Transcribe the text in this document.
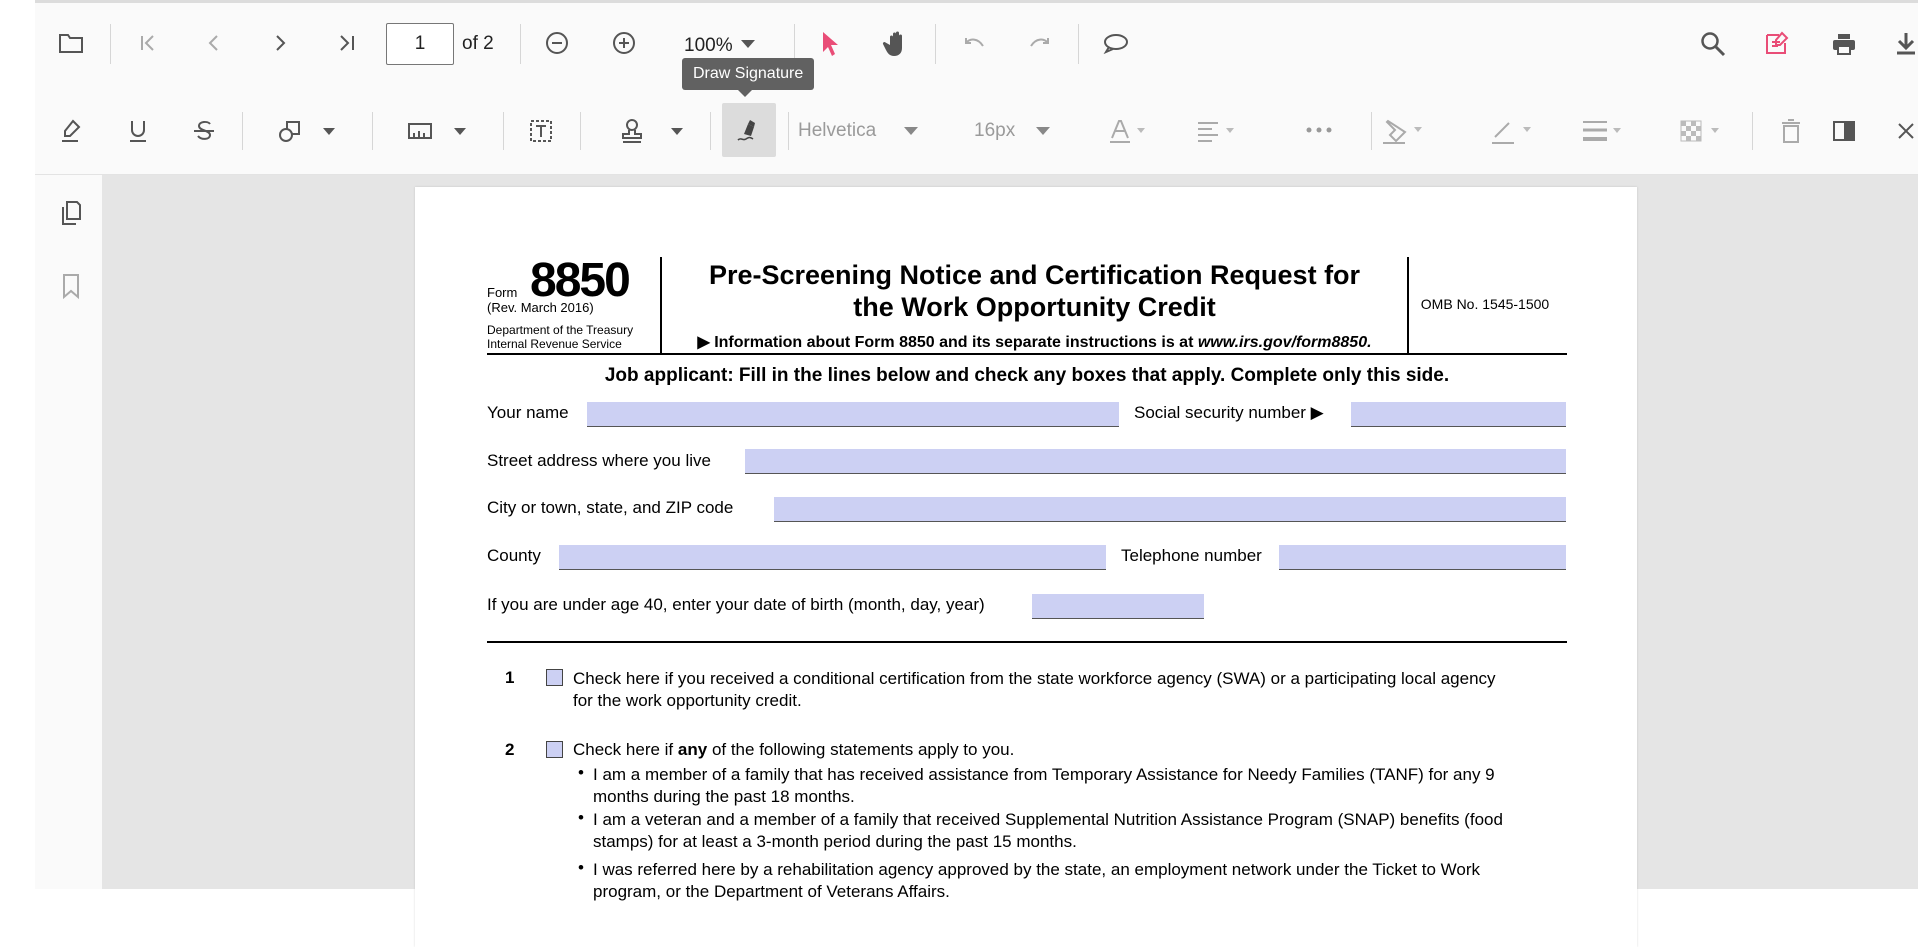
1	of 2	100%
Helvetica	16px
Draw Signature
Form 8850
(Rev. March 2016)
Department of the Treasury
Internal Revenue Service
Pre-Screening Notice and Certification Request for
the Work Opportunity Credit
▶ Information about Form 8850 and its separate instructions is at www.irs.gov/form8850.
OMB No. 1545-1500
Job applicant: Fill in the lines below and check any boxes that apply. Complete only this side.
Your name	Social security number ▶
Street address where you live
City or town, state, and ZIP code
County	Telephone number
If you are under age 40, enter your date of birth (month, day, year)
1	Check here if you received a conditional certification from the state workforce agency (SWA) or a participating local agency
for the work opportunity credit.
2	Check here if any of the following statements apply to you.
• I am a member of a family that has received assistance from Temporary Assistance for Needy Families (TANF) for any 9
months during the past 18 months.
• I am a veteran and a member of a family that received Supplemental Nutrition Assistance Program (SNAP) benefits (food
stamps) for at least a 3-month period during the past 15 months.
• I was referred here by a rehabilitation agency approved by the state, an employment network under the Ticket to Work
program, or the Department of Veterans Affairs.
